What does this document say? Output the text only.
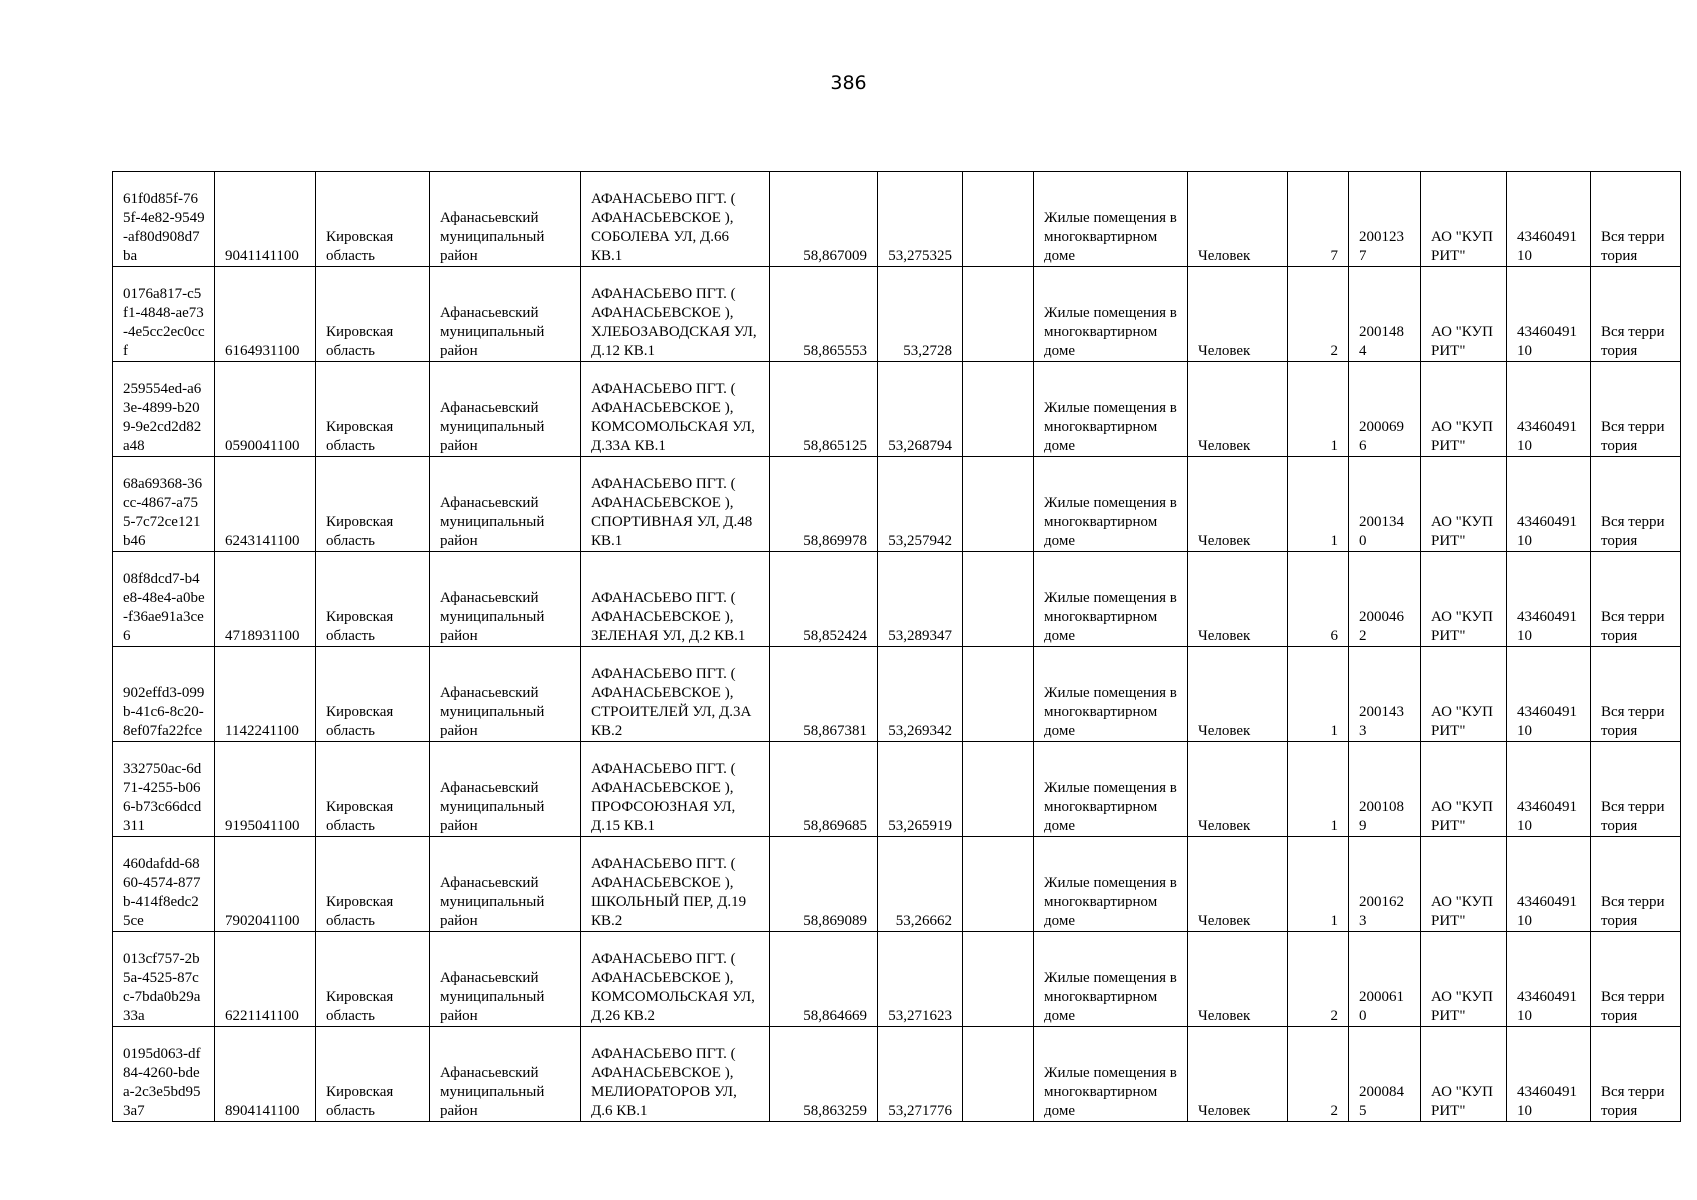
386
61f0d85f-765f-4e82-9549-af80d908d7ba	9041141100	Кировская область	Афанасьевский муниципальный район	АФАНАСЬЕВО ПГТ. ( АФАНАСЬЕВСКОЕ ), СОБОЛЕВА УЛ, Д.66 КВ.1	58,867009	53,275325		Жилые помещения в многоквартирном доме	Человек	7	2001237	АО "КУПРИТ"	4346049110	Вся территория
0176a817-c5f1-4848-ae73-4e5cc2ec0ccf	6164931100	Кировская область	Афанасьевский муниципальный район	АФАНАСЬЕВО ПГТ. ( АФАНАСЬЕВСКОЕ ), ХЛЕБОЗАВОДСКАЯ УЛ, Д.12 КВ.1	58,865553	53,2728		Жилые помещения в многоквартирном доме	Человек	2	2001484	АО "КУПРИТ"	4346049110	Вся территория
259554ed-a63e-4899-b209-9e2cd2d82a48	0590041100	Кировская область	Афанасьевский муниципальный район	АФАНАСЬЕВО ПГТ. ( АФАНАСЬЕВСКОЕ ), КОМСОМОЛЬСКАЯ УЛ, Д.33А КВ.1	58,865125	53,268794		Жилые помещения в многоквартирном доме	Человек	1	2000696	АО "КУПРИТ"	4346049110	Вся территория
68a69368-36cc-4867-a755-7c72ce121b46	6243141100	Кировская область	Афанасьевский муниципальный район	АФАНАСЬЕВО ПГТ. ( АФАНАСЬЕВСКОЕ ), СПОРТИВНАЯ УЛ, Д.48 КВ.1	58,869978	53,257942		Жилые помещения в многоквартирном доме	Человек	1	2001340	АО "КУПРИТ"	4346049110	Вся территория
08f8dcd7-b4e8-48e4-a0be-f36ae91a3ce6	4718931100	Кировская область	Афанасьевский муниципальный район	АФАНАСЬЕВО ПГТ. ( АФАНАСЬЕВСКОЕ ), ЗЕЛЕНАЯ УЛ, Д.2 КВ.1	58,852424	53,289347		Жилые помещения в многоквартирном доме	Человек	6	2000462	АО "КУПРИТ"	4346049110	Вся территория
902effd3-099b-41c6-8c20-8ef07fa22fce	1142241100	Кировская область	Афанасьевский муниципальный район	АФАНАСЬЕВО ПГТ. ( АФАНАСЬЕВСКОЕ ), СТРОИТЕЛЕЙ УЛ, Д.3А КВ.2	58,867381	53,269342		Жилые помещения в многоквартирном доме	Человек	1	2001433	АО "КУПРИТ"	4346049110	Вся территория
332750ac-6d71-4255-b066-b73c66dcd311	9195041100	Кировская область	Афанасьевский муниципальный район	АФАНАСЬЕВО ПГТ. ( АФАНАСЬЕВСКОЕ ), ПРОФСОЮЗНАЯ УЛ, Д.15 КВ.1	58,869685	53,265919		Жилые помещения в многоквартирном доме	Человек	1	2001089	АО "КУПРИТ"	4346049110	Вся территория
460dafdd-6860-4574-877b-414f8edc25ce	7902041100	Кировская область	Афанасьевский муниципальный район	АФАНАСЬЕВО ПГТ. ( АФАНАСЬЕВСКОЕ ), ШКОЛЬНЫЙ ПЕР, Д.19 КВ.2	58,869089	53,26662		Жилые помещения в многоквартирном доме	Человек	1	2001623	АО "КУПРИТ"	4346049110	Вся территория
013cf757-2b5a-4525-87cc-7bda0b29a33a	6221141100	Кировская область	Афанасьевский муниципальный район	АФАНАСЬЕВО ПГТ. ( АФАНАСЬЕВСКОЕ ), КОМСОМОЛЬСКАЯ УЛ, Д.26 КВ.2	58,864669	53,271623		Жилые помещения в многоквартирном доме	Человек	2	2000610	АО "КУПРИТ"	4346049110	Вся территория
0195d063-df84-4260-bdea-2c3e5bd953a7	8904141100	Кировская область	Афанасьевский муниципальный район	АФАНАСЬЕВО ПГТ. ( АФАНАСЬЕВСКОЕ ), МЕЛИОРАТОРОВ УЛ, Д.6 КВ.1	58,863259	53,271776		Жилые помещения в многоквартирном доме	Человек	2	2000845	АО "КУПРИТ"	4346049110	Вся территория
